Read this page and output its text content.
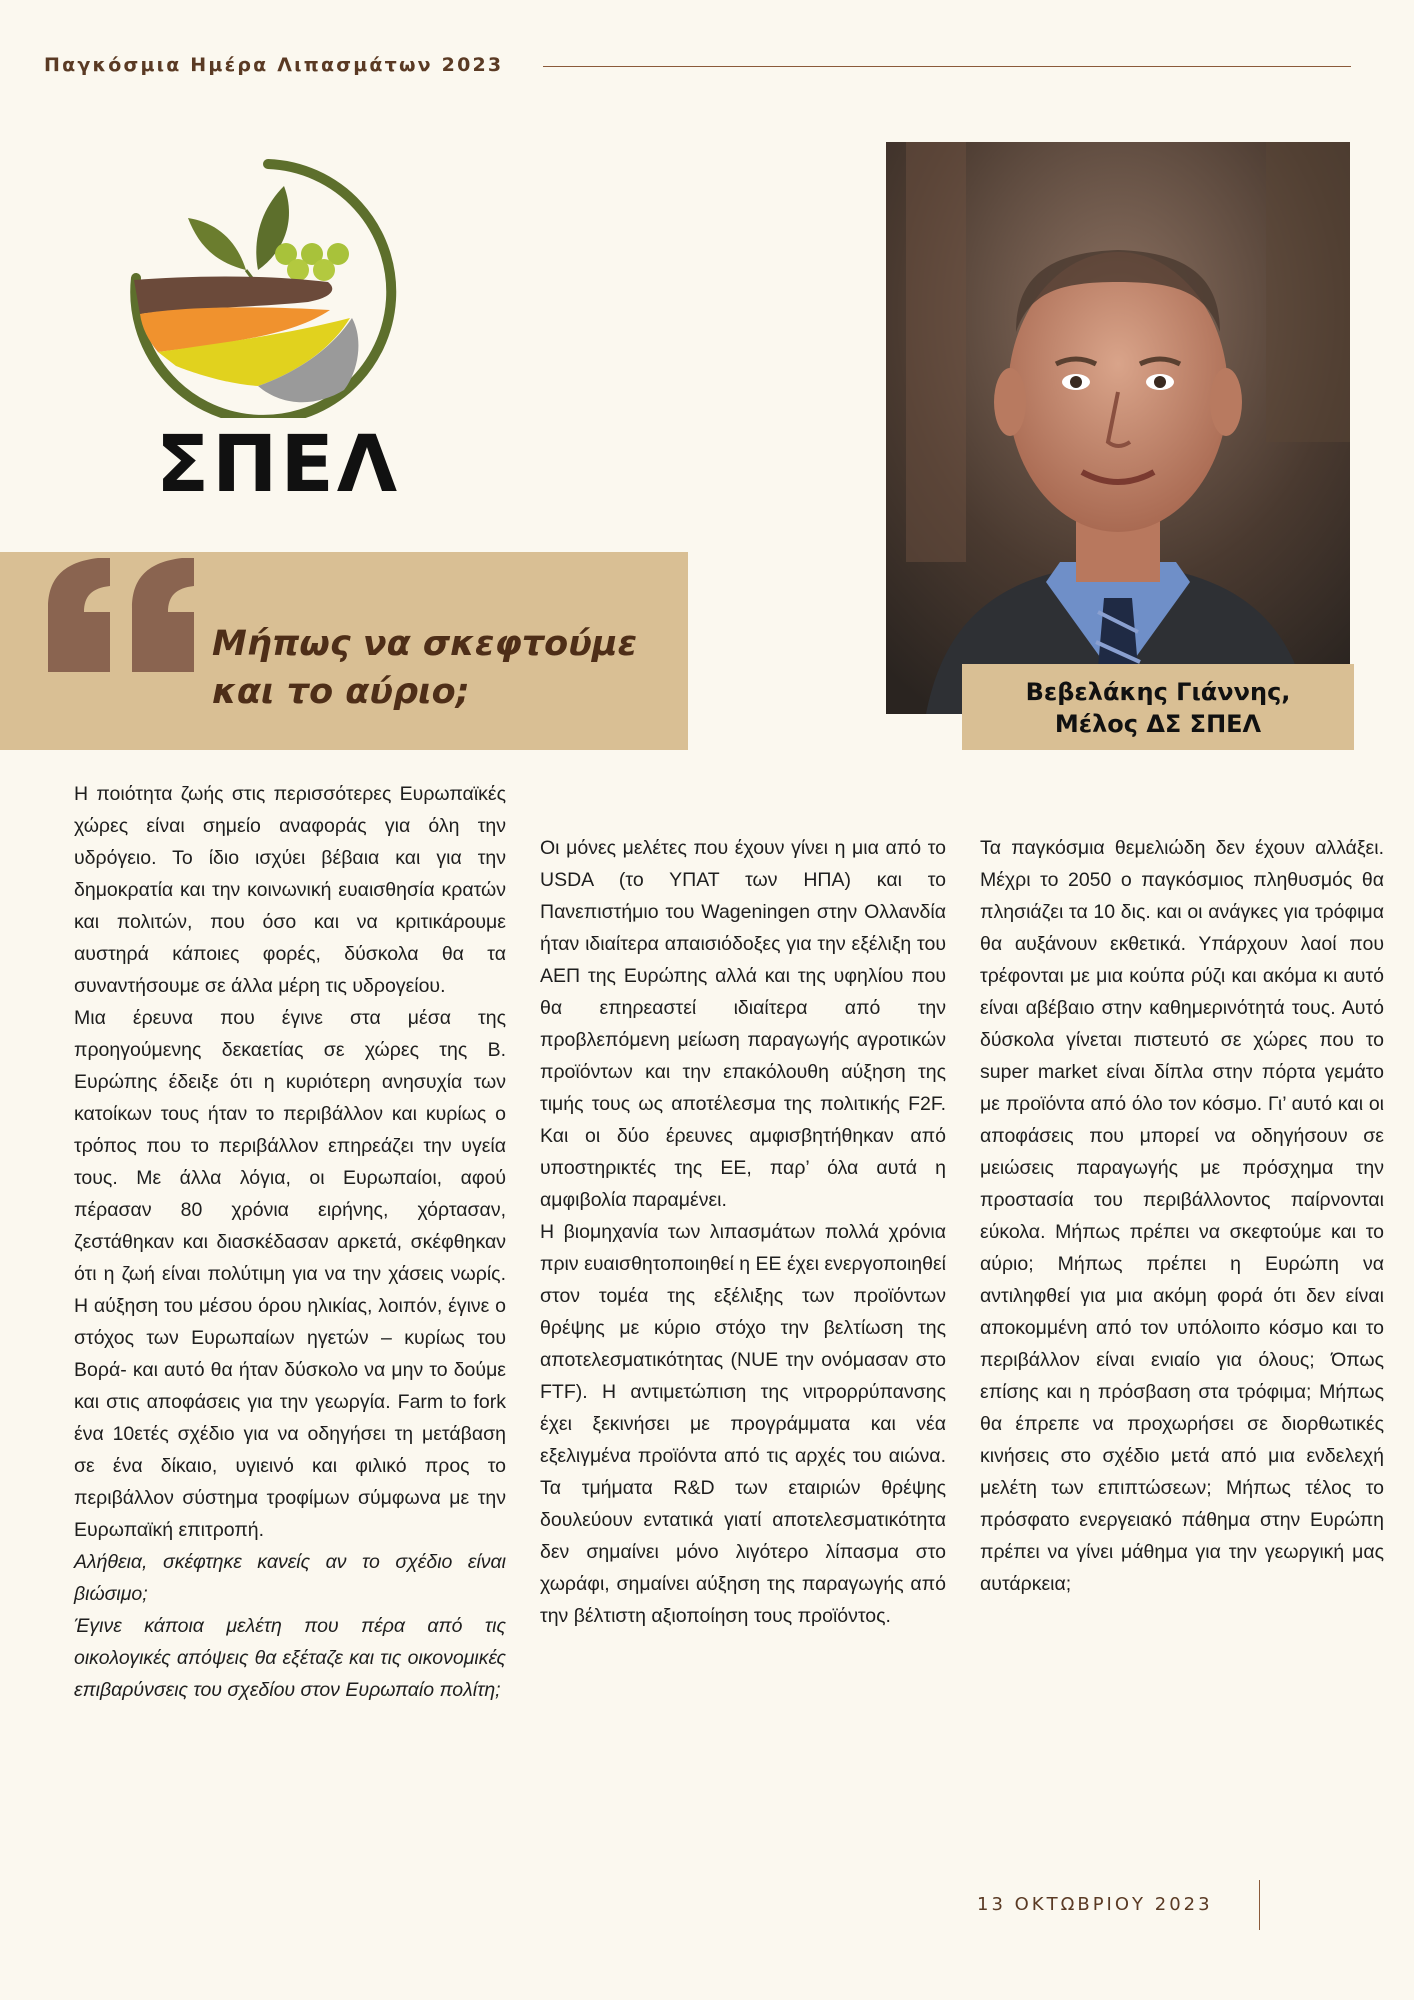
Παγκόσμια Ημέρα Λιπασμάτων 2023
ΣΠΕΛ
Μήπως να σκεφτούμε
και το αύριο;	Βεβελάκης Γιάννης,
Μέλος ΔΣ ΣΠΕΛ

Η ποιότητα ζωής στις περισσότερες Ευρωπαϊκές χώρες είναι σημείο αναφοράς για όλη την υδρόγειο. Το ίδιο ισχύει βέβαια και για την δημοκρατία και την κοινωνική ευαισθησία κρατών και πολιτών, που όσο και να κριτικάρουμε αυστηρά κάποιες φορές, δύσκολα θα τα συναντήσουμε σε άλλα μέρη τις υδρογείου.

Μια έρευνα που έγινε στα μέσα της προηγούμενης δεκαετίας σε χώρες της Β. Ευρώπης έδειξε ότι η κυριότερη ανησυχία των κατοίκων τους ήταν το περιβάλλον και κυρίως ο τρόπος που το περιβάλλον επηρεάζει την υγεία τους. Με άλλα λόγια, οι Ευρωπαίοι, αφού πέρασαν 80 χρόνια ειρήνης, χόρτασαν, ζεστάθηκαν και διασκέδασαν αρκετά, σκέφθηκαν ότι η ζωή είναι πολύτιμη για να την χάσεις νωρίς. Η αύξηση του μέσου όρου ηλικίας, λοιπόν, έγινε ο στόχος των Ευρωπαίων ηγετών – κυρίως του Βορά- και αυτό θα ήταν δύσκολο να μην το δούμε και στις αποφάσεις για την γεωργία. Farm to fork ένα 10ετές σχέδιο για να οδηγήσει τη μετάβαση σε ένα δίκαιο, υγιεινό και φιλικό προς το περιβάλλον σύστημα τροφίμων σύμφωνα με την Ευρωπαϊκή επιτροπή.

Αλήθεια, σκέφτηκε κανείς αν το σχέδιο είναι βιώσιμο;

Έγινε κάποια μελέτη που πέρα από τις οικολογικές απόψεις θα εξέταζε και τις οικονομικές επιβαρύνσεις του σχεδίου στον Ευρωπαίο πολίτη;

Οι μόνες μελέτες που έχουν γίνει η μια από το USDA (το ΥΠΑΤ των ΗΠΑ) και το Πανεπιστήμιο του Wageningen στην Ολλανδία ήταν ιδιαίτερα απαισιόδοξες για την εξέλιξη του ΑΕΠ της Ευρώπης αλλά και της υφηλίου που θα επηρεαστεί ιδιαίτερα από την προβλεπόμενη μείωση παραγωγής αγροτικών προϊόντων και την επακόλουθη αύξηση της τιμής τους ως αποτέλεσμα της πολιτικής F2F. Και οι δύο έρευνες αμφισβητήθηκαν από υποστηρικτές της ΕΕ, παρ’ όλα αυτά η αμφιβολία παραμένει.

Η βιομηχανία των λιπασμάτων πολλά χρόνια πριν ευαισθητοποιηθεί η ΕΕ έχει ενεργοποιηθεί στον τομέα της εξέλιξης των προϊόντων θρέψης με κύριο στόχο την βελτίωση της αποτελεσματικότητας (NUE την ονόμασαν στο FTF). Η αντιμετώπιση της νιτρορρύπανσης έχει ξεκινήσει με προγράμματα και νέα εξελιγμένα προϊόντα από τις αρχές του αιώνα. Τα τμήματα R&D των εταιριών θρέψης δουλεύουν εντατικά γιατί αποτελεσματικότητα δεν σημαίνει μόνο λιγότερο λίπασμα στο χωράφι, σημαίνει αύξηση της παραγωγής από την βέλτιστη αξιοποίηση τους προϊόντος.

Τα παγκόσμια θεμελιώδη δεν έχουν αλλάξει. Μέχρι το 2050 ο παγκόσμιος πληθυσμός θα πλησιάζει τα 10 δις. και οι ανάγκες για τρόφιμα θα αυξάνουν εκθετικά. Υπάρχουν λαοί που τρέφονται με μια κούπα ρύζι και ακόμα κι αυτό είναι αβέβαιο στην καθημερινότητά τους. Αυτό δύσκολα γίνεται πιστευτό σε χώρες που το super market είναι δίπλα στην πόρτα γεμάτο με προϊόντα από όλο τον κόσμο. Γι’ αυτό και οι αποφάσεις που μπορεί να οδηγήσουν σε μειώσεις παραγωγής με πρόσχημα την προστασία του περιβάλλοντος παίρνονται εύκολα. Μήπως πρέπει να σκεφτούμε και το αύριο; Μήπως πρέπει η Ευρώπη να αντιληφθεί για μια ακόμη φορά ότι δεν είναι αποκομμένη από τον υπόλοιπο κόσμο και το περιβάλλον είναι ενιαίο για όλους; Όπως επίσης και η πρόσβαση στα τρόφιμα; Μήπως θα έπρεπε να προχωρήσει σε διορθωτικές κινήσεις στο σχέδιο μετά από μια ενδελεχή μελέτη των επιπτώσεων; Μήπως τέλος το πρόσφατο ενεργειακό πάθημα στην Ευρώπη πρέπει να γίνει μάθημα για την γεωργική μας αυτάρκεια;

13 ΟΚΤΩΒΡΙΟΥ 2023
